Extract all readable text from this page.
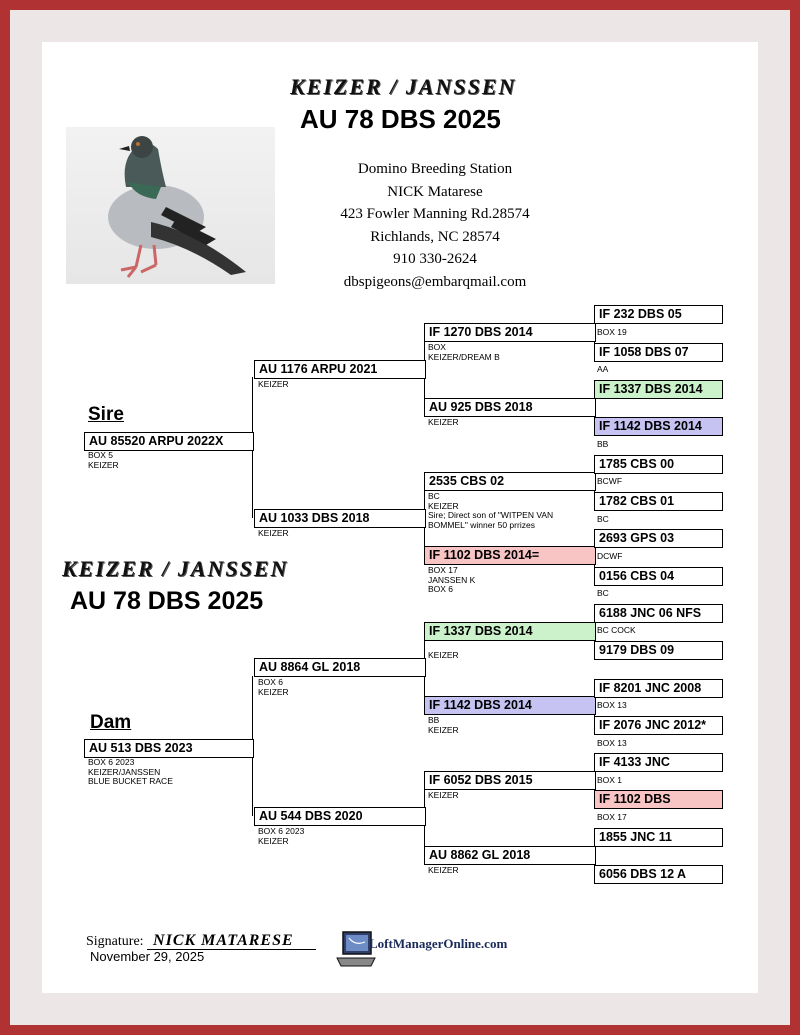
KEIZER / JANSSEN
AU 78 DBS 2025
Domino Breeding Station
NICK Matarese
423 Fowler Manning Rd.28574
Richlands, NC 28574
910 330-2624
dbspigeons@embarqmail.com
KEIZER / JANSSEN
AU 78 DBS 2025
Sire
Dam
AU 85520 ARPU 2022X
BOX 5
KEIZER
AU 513 DBS 2023
BOX 6 2023
KEIZER/JANSSEN
BLUE BUCKET RACE
AU 1176 ARPU 2021
KEIZER
AU 1033 DBS 2018
KEIZER
AU 8864 GL 2018
BOX 6
KEIZER
AU 544 DBS 2020
BOX 6 2023
KEIZER
IF 1270 DBS 2014
BOX
KEIZER/DREAM B
AU 925 DBS 2018
KEIZER
2535 CBS 02
BC
KEIZER
Sire; Direct son of "WITPEN VAN
BOMMEL" winner 50 prrizes
IF 1102 DBS 2014=
BOX 17
JANSSEN K
BOX 6
IF 1337 DBS 2014
KEIZER
IF 1142 DBS 2014
BB
KEIZER
IF 6052 DBS 2015
KEIZER
AU 8862 GL 2018
KEIZER
IF 232 DBS 05
BOX 19
IF 1058 DBS 07
AA
IF 1337 DBS 2014
IF 1142 DBS 2014
BB
1785 CBS 00
BCWF
1782 CBS 01
BC
2693 GPS 03
DCWF
0156 CBS 04
BC
6188 JNC 06 NFS
BC COCK
9179 DBS 09
IF 8201 JNC 2008
BOX 13
IF 2076 JNC 2012*
BOX 13
IF 4133 JNC
BOX 1
IF 1102 DBS
BOX 17
1855 JNC 11
6056 DBS 12 A
Signature: NICK MATARESE
November 29, 2025
LoftManagerOnline.com
